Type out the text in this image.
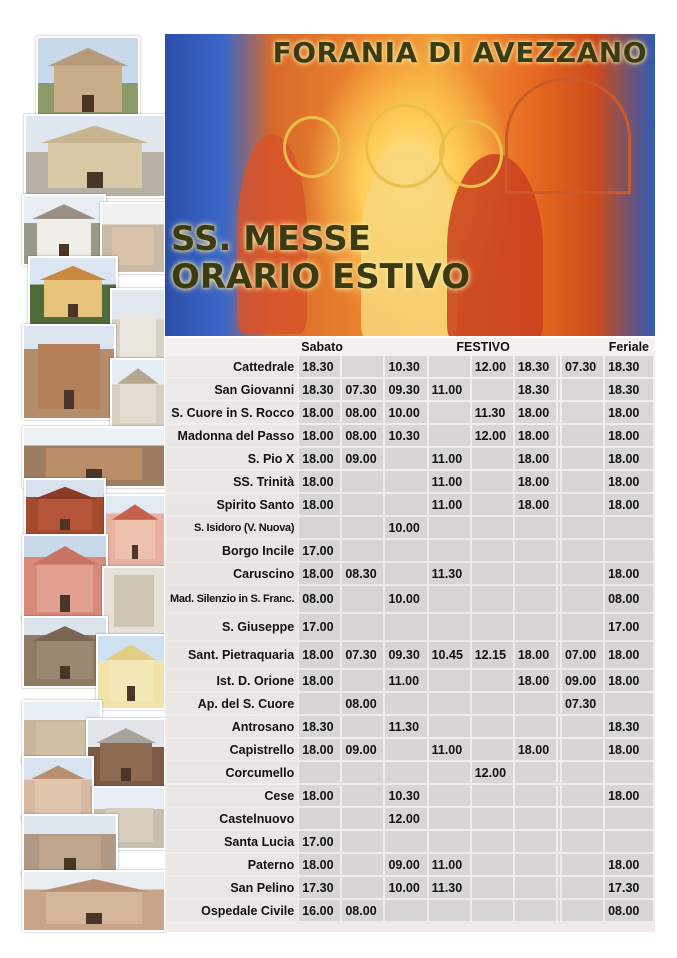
FORANIA DI AVEZZANO
SS. MESSE
ORARIO ESTIVO
	Sabato		FESTIVO						Feriale
Cattedrale	18.30		10.30		12.00	18.30		07.30	18.30
San Giovanni	18.30	07.30	09.30	11.00		18.30			18.30
S. Cuore in S. Rocco	18.00	08.00	10.00		11.30	18.00			18.00
Madonna del Passo	18.00	08.00	10.30		12.00	18.00			18.00
S. Pio X	18.00	09.00		11.00		18.00			18.00
SS. Trinità	18.00			11.00		18.00			18.00
Spirito Santo	18.00			11.00		18.00			18.00
S. Isidoro (V. Nuova)			10.00						
Borgo Incile	17.00								
Caruscino	18.00	08.30		11.30					18.00
Mad. Silenzio in S. Franc.	08.00		10.00						08.00
S. Giuseppe	17.00								17.00
Sant. Pietraquaria	18.00	07.30	09.30	10.45	12.15	18.00		07.00	18.00
Ist. D. Orione	18.00		11.00			18.00		09.00	18.00
Ap. del S. Cuore		08.00						07.30	
Antrosano	18.30		11.30						18.30
Capistrello	18.00	09.00		11.00		18.00			18.00
Corcumello					12.00				
Cese	18.00		10.30						18.00
Castelnuovo			12.00						
Santa Lucia	17.00								
Paterno	18.00		09.00	11.00					18.00
San Pelino	17.30		10.00	11.30					17.30
Ospedale Civile	16.00	08.00							08.00
